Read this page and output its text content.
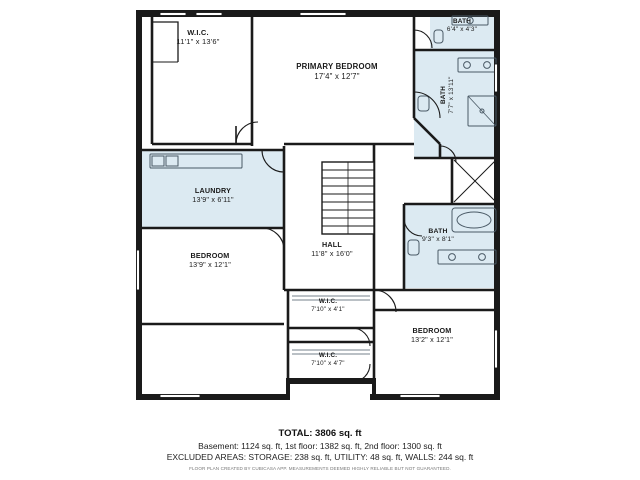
W.I.C.
11'1" x 13'6"
PRIMARY BEDROOM
17'4" x 12'7"
BATH
6'4" x 4'3"
BATH 7'7" x 13'11"
LAUNDRY
13'9" x 6'11"
HALL
11'8" x 16'0"
BATH
9'3" x 8'1"
BEDROOM
13'9" x 12'1"
W.I.C.
7'10" x 4'1"
W.I.C.
7'10" x 4'7"
BEDROOM
13'2" x 12'1"
TOTAL: 3806 sq. ft
Basement: 1124 sq. ft, 1st floor: 1382 sq. ft, 2nd floor: 1300 sq. ft
EXCLUDED AREAS: STORAGE: 238 sq. ft, UTILITY: 48 sq. ft, WALLS: 244 sq. ft
FLOOR PLAN CREATED BY CUBICASA APP. MEASUREMENTS DEEMED HIGHLY RELIABLE BUT NOT GUARANTEED.
